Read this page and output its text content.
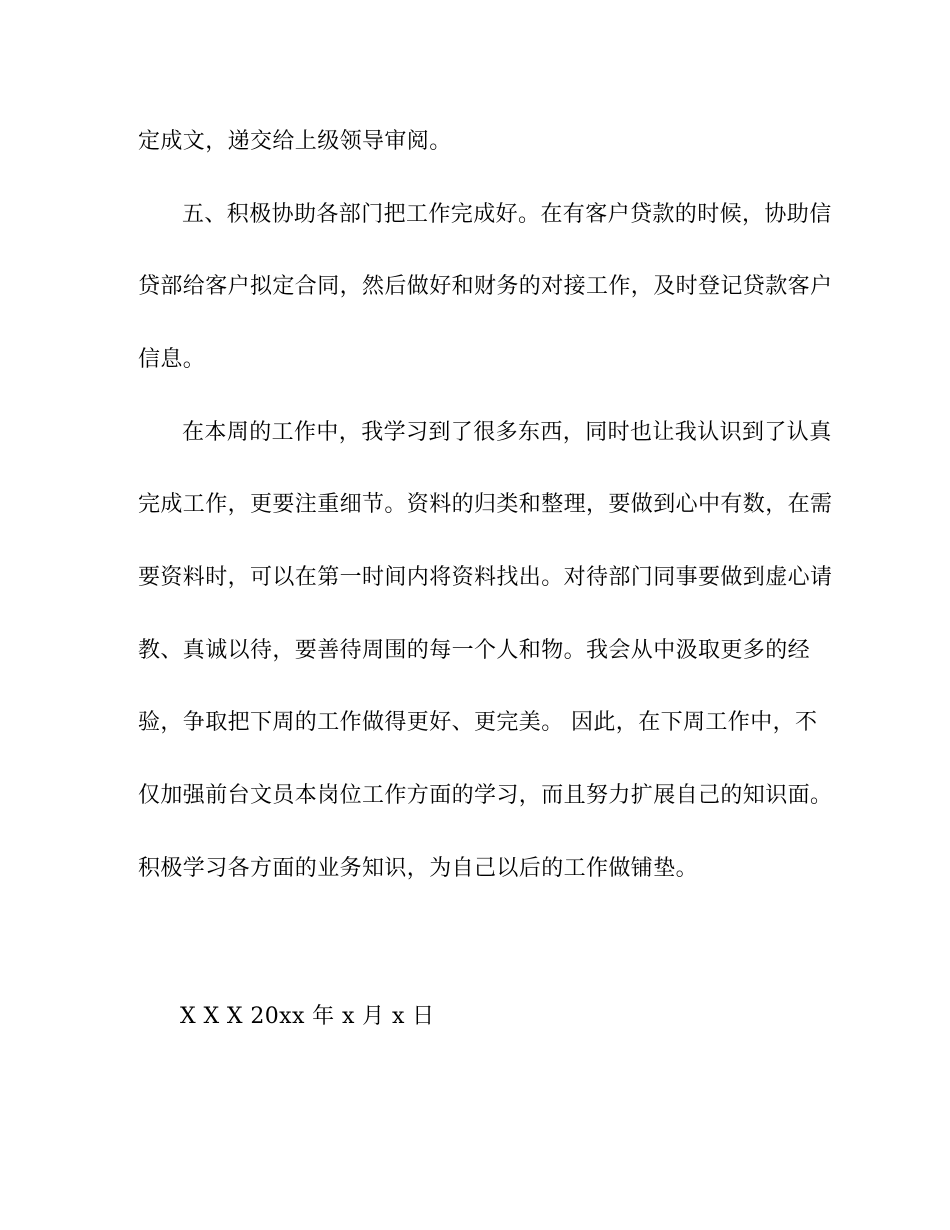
定成文，递交给上级领导审阅。
五、积极协助各部门把工作完成好。在有客户贷款的时候，协助信
贷部给客户拟定合同，然后做好和财务的对接工作，及时登记贷款客户
信息。
在本周的工作中，我学习到了很多东西，同时也让我认识到了认真
完成工作，更要注重细节。资料的归类和整理，要做到心中有数，在需
要资料时，可以在第一时间内将资料找出。对待部门同事要做到虚心请
教、真诚以待，要善待周围的每一个人和物。我会从中汲取更多的经
验，争取把下周的工作做得更好、更完美。 因此，在下周工作中，不
仅加强前台文员本岗位工作方面的学习，而且努力扩展自己的知识面。
积极学习各方面的业务知识，为自己以后的工作做铺垫。
X X X 20xx 年 x 月 x 日
